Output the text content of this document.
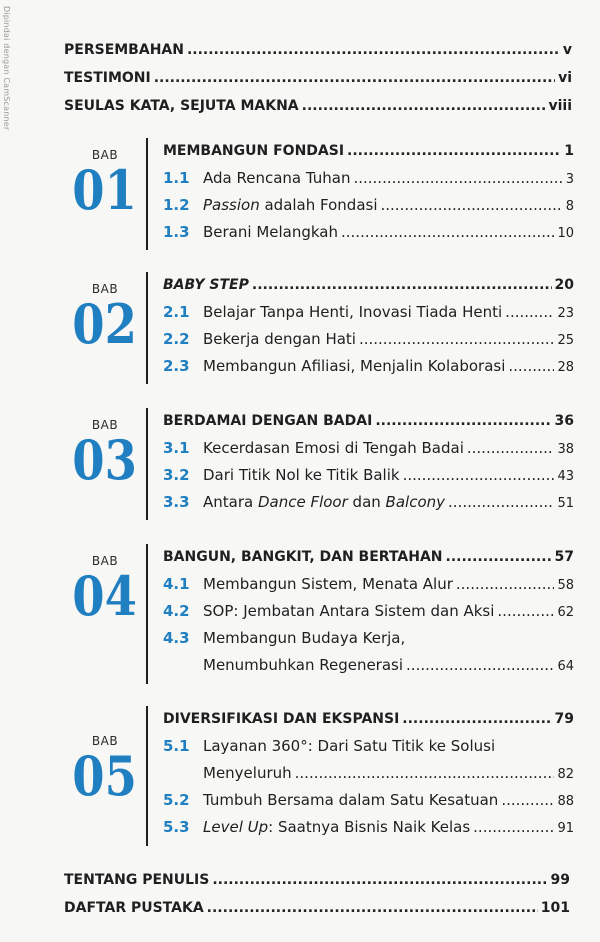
Dipindai dengan CamScanner	PERSEMBAHAN .....	v
TESTIMONI .....	vi
SEULAS KATA, SEJUTA MAKNA .....	viii
BAB
01
MEMBANGUN FONDASI .....	1
1.1 Ada Rencana Tuhan .....	3
1.2 Passion adalah Fondasi .....	8
1.3 Berani Melangkah .....	10
BAB
02
BABY STEP .....	20
2.1 Belajar Tanpa Henti, Inovasi Tiada Henti .....	23
2.2 Bekerja dengan Hati .....	25
2.3 Membangun Afiliasi, Menjalin Kolaborasi .....	28
BAB
03
BERDAMAI DENGAN BADAI .....	36
3.1 Kecerdasan Emosi di Tengah Badai .....	38
3.2 Dari Titik Nol ke Titik Balik .....	43
3.3 Antara Dance Floor dan Balcony .....	51
BAB
04
BANGUN, BANGKIT, DAN BERTAHAN .....	57
4.1 Membangun Sistem, Menata Alur .....	58
4.2 SOP: Jembatan Antara Sistem dan Aksi .....	62
4.3 Membangun Budaya Kerja,
Menumbuhkan Regenerasi .....	64
BAB
05
DIVERSIFIKASI DAN EKSPANSI .....	79
5.1 Layanan 360°: Dari Satu Titik ke Solusi
Menyeluruh .....	82
5.2 Tumbuh Bersama dalam Satu Kesatuan .....	88
5.3 Level Up : Saatnya Bisnis Naik Kelas .....	91
TENTANG PENULIS .....	99
DAFTAR PUSTAKA .....	101
